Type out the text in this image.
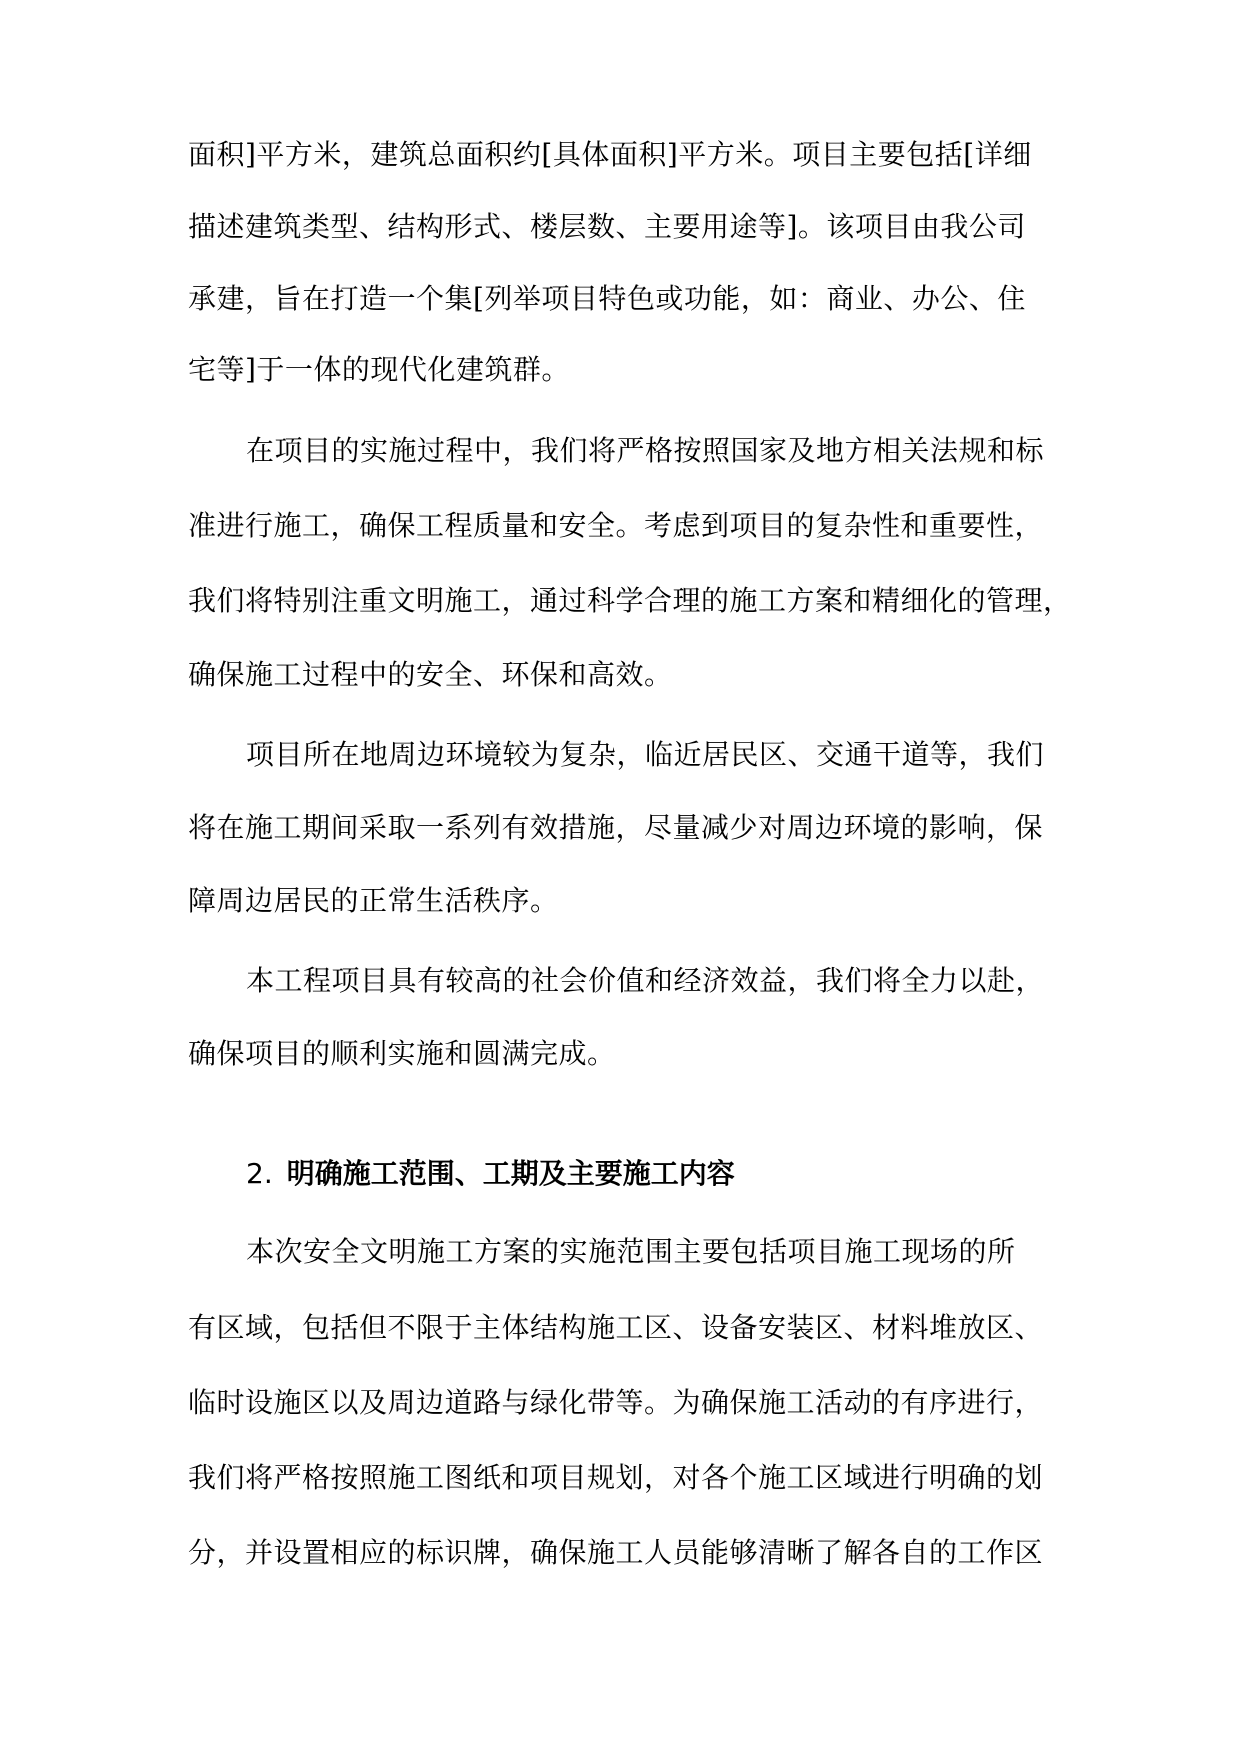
面积]平方米，建筑总面积约[具体面积]平方米。项目主要包括[详细
描述建筑类型、结构形式、楼层数、主要用途等]。该项目由我公司
承建，旨在打造一个集[列举项目特色或功能，如：商业、办公、住
宅等]于一体的现代化建筑群。
在项目的实施过程中，我们将严格按照国家及地方相关法规和标
准进行施工，确保工程质量和安全。考虑到项目的复杂性和重要性，
我们将特别注重文明施工，通过科学合理的施工方案和精细化的管理，
确保施工过程中的安全、环保和高效。
项目所在地周边环境较为复杂，临近居民区、交通干道等，我们
将在施工期间采取一系列有效措施，尽量减少对周边环境的影响，保
障周边居民的正常生活秩序。
本工程项目具有较高的社会价值和经济效益，我们将全力以赴，
确保项目的顺利实施和圆满完成。
2. 明确施工范围、工期及主要施工内容
本次安全文明施工方案的实施范围主要包括项目施工现场的所
有区域，包括但不限于主体结构施工区、设备安装区、材料堆放区、
临时设施区以及周边道路与绿化带等。为确保施工活动的有序进行，
我们将严格按照施工图纸和项目规划，对各个施工区域进行明确的划
分，并设置相应的标识牌，确保施工人员能够清晰了解各自的工作区
